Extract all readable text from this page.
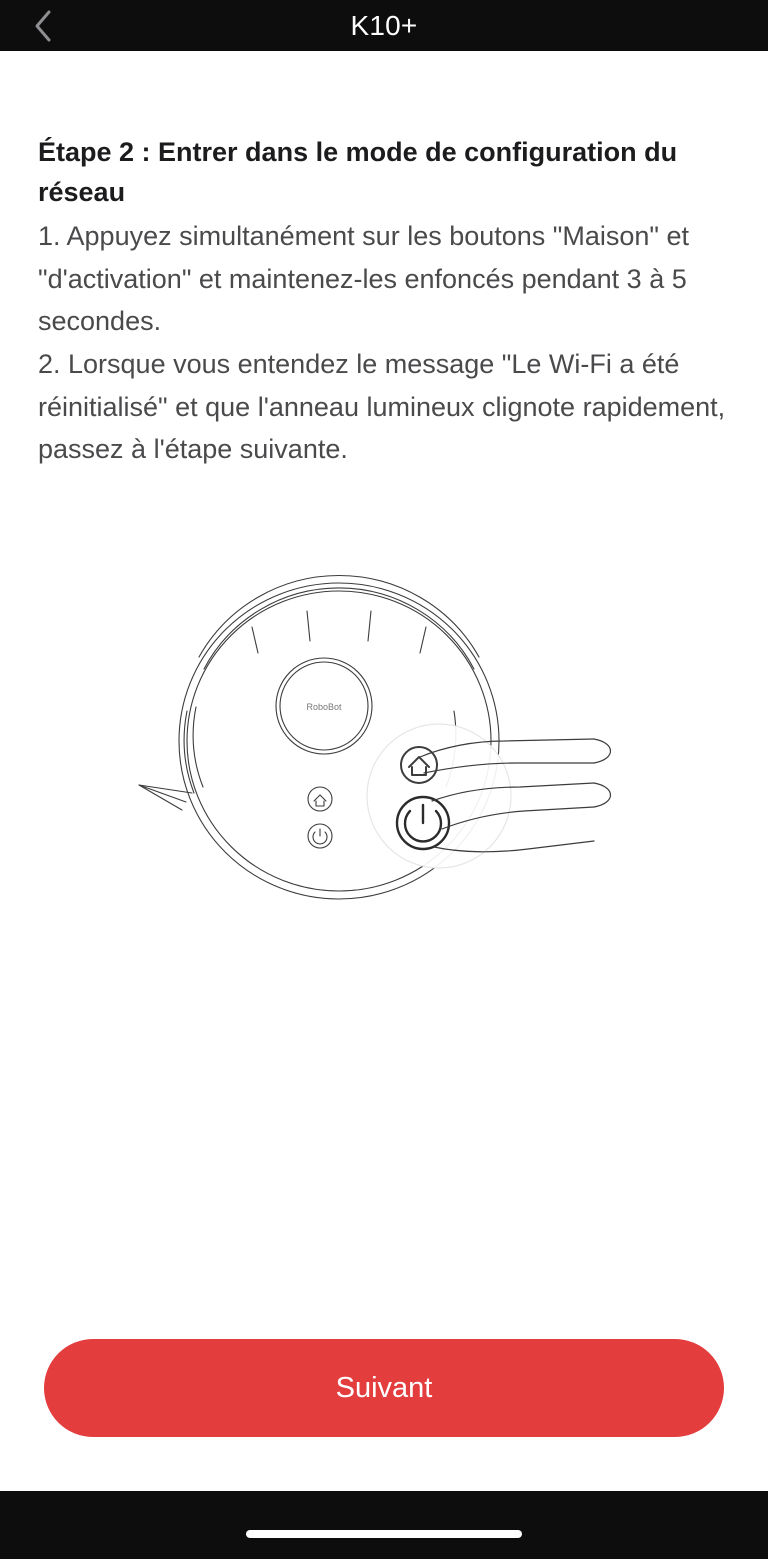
K10+

Étape 2 : Entrer dans le mode de configuration du réseau

1. Appuyez simultanément sur les boutons "Maison" et "d'activation" et maintenez-les enfoncés pendant 3 à 5 secondes.

2. Lorsque vous entendez le message "Le Wi-Fi a été réinitialisé" et que l'anneau lumineux clignote rapidement, passez à l'étape suivante.

RoboBot
Suivant
